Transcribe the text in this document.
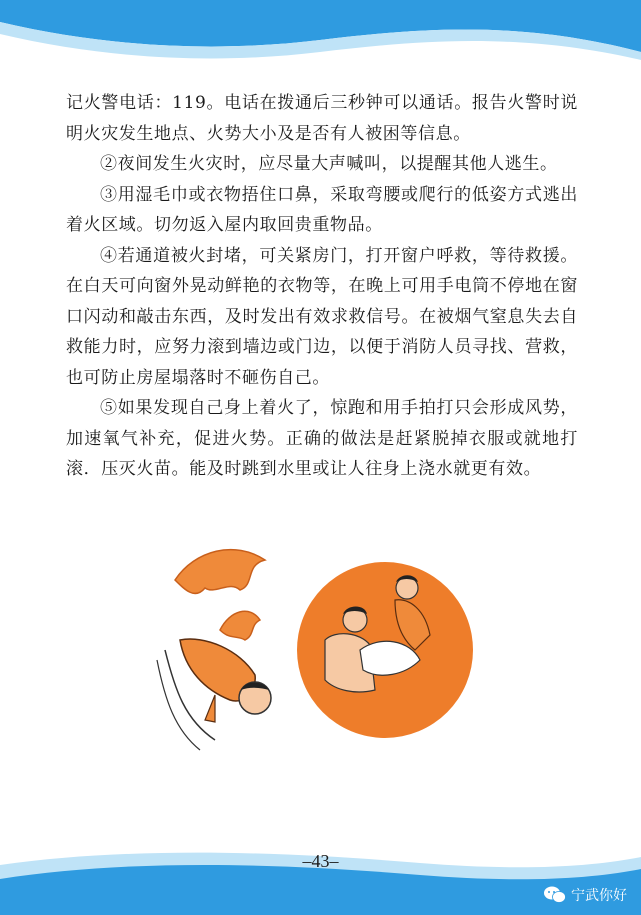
记火警电话：119。电话在拨通后三秒钟可以通话。报告火警时说明火灾发生地点、火势大小及是否有人被困等信息。

②夜间发生火灾时，应尽量大声喊叫，以提醒其他人逃生。

③用湿毛巾或衣物捂住口鼻，采取弯腰或爬行的低姿方式逃出着火区域。切勿返入屋内取回贵重物品。

④若通道被火封堵，可关紧房门，打开窗户呼救，等待救援。在白天可向窗外晃动鲜艳的衣物等，在晚上可用手电筒不停地在窗口闪动和敲击东西，及时发出有效求救信号。在被烟气窒息失去自救能力时，应努力滚到墙边或门边，以便于消防人员寻找、营救，也可防止房屋塌落时不砸伤自己。

⑤如果发现自己身上着火了，惊跑和用手拍打只会形成风势，加速氧气补充，促进火势。正确的做法是赶紧脱掉衣服或就地打滚．压灭火苗。能及时跳到水里或让人往身上浇水就更有效。

–43–
宁武你好
